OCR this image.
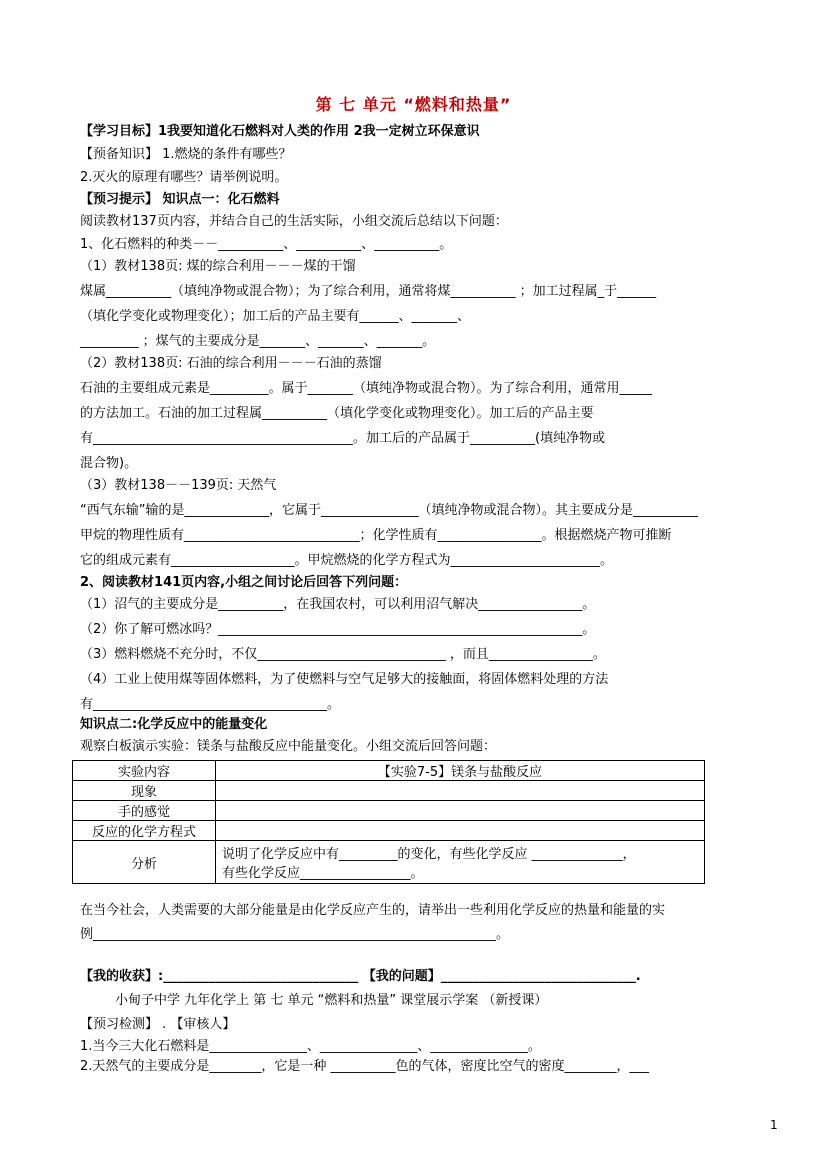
第 七 单元 “燃料和热量”
【学习目标】1我要知道化石燃料对人类的作用 2我一定树立环保意识
【预备知识】 1.燃烧的条件有哪些？
2.灭火的原理有哪些？请举例说明。
【预习提示】 知识点一：化石燃料
阅读教材137页内容，并结合自己的生活实际，小组交流后总结以下问题：
1、化石燃料的种类－－__________、__________、__________。
（1）教材138页: 煤的综合利用－－－煤的干馏
煤属__________（填纯净物或混合物）；为了综合利用，通常将煤__________ ；加工过程属_于______
（填化学变化或物理变化）；加工后的产品主要有______、_______、
_________ ；煤气的主要成分是_______、_______、_______。
（2）教材138页: 石油的综合利用－－－石油的蒸馏
石油的主要组成元素是_________。属于_______（填纯净物或混合物）。为了综合利用，通常用_____
的方法加工。石油的加工过程属__________（填化学变化或物理变化）。加工后的产品主要
有________________________________________。加工后的产品属于__________(填纯净物或
混合物)。
（3）教材138－－139页: 天然气
“西气东输”输的是_____________，它属于_______________（填纯净物或混合物）。其主要成分是__________
甲烷的物理性质有___________________________；化学性质有________________。根据燃烧产物可推断
它的组成元素有___________________。甲烷燃烧的化学方程式为_______________________。
2、阅读教材141页内容,小组之间讨论后回答下列问题：
（1）沼气的主要成分是__________，在我国农村，可以利用沼气解决________________。
（2）你了解可燃冰吗？________________________________________________________。
（3）燃料燃烧不充分时，不仅_____________________________ ，而且________________。
（4）工业上使用煤等固体燃料，为了使燃料与空气足够大的接触面，将固体燃料处理的方法
有____________________________________。
知识点二:化学反应中的能量变化
观察白板演示实验：镁条与盐酸反应中能量变化。小组交流后回答问题：
实验内容	【实验7-5】镁条与盐酸反应
现象	
手的感觉	
反应的化学方程式	
分析	说明了化学反应中有_________的变化，有些化学反应 ______________，
有些化学反应_________________。
在当今社会，人类需要的大部分能量是由化学反应产生的，请举出一些利用化学反应的热量和能量的实
例______________________________________________________________。
【我的收获】:______________________________ 【我的问题】______________________________.
小甸子中学 九年化学上 第 七 单元 “燃料和热量” 课堂展示学案 （新授课）
【预习检测】 . 【审核人】
1.当今三大化石燃料是_______________、_______________、_______________。
2.天然气的主要成分是________，它是一种 __________色的气体，密度比空气的密度________，___
1
